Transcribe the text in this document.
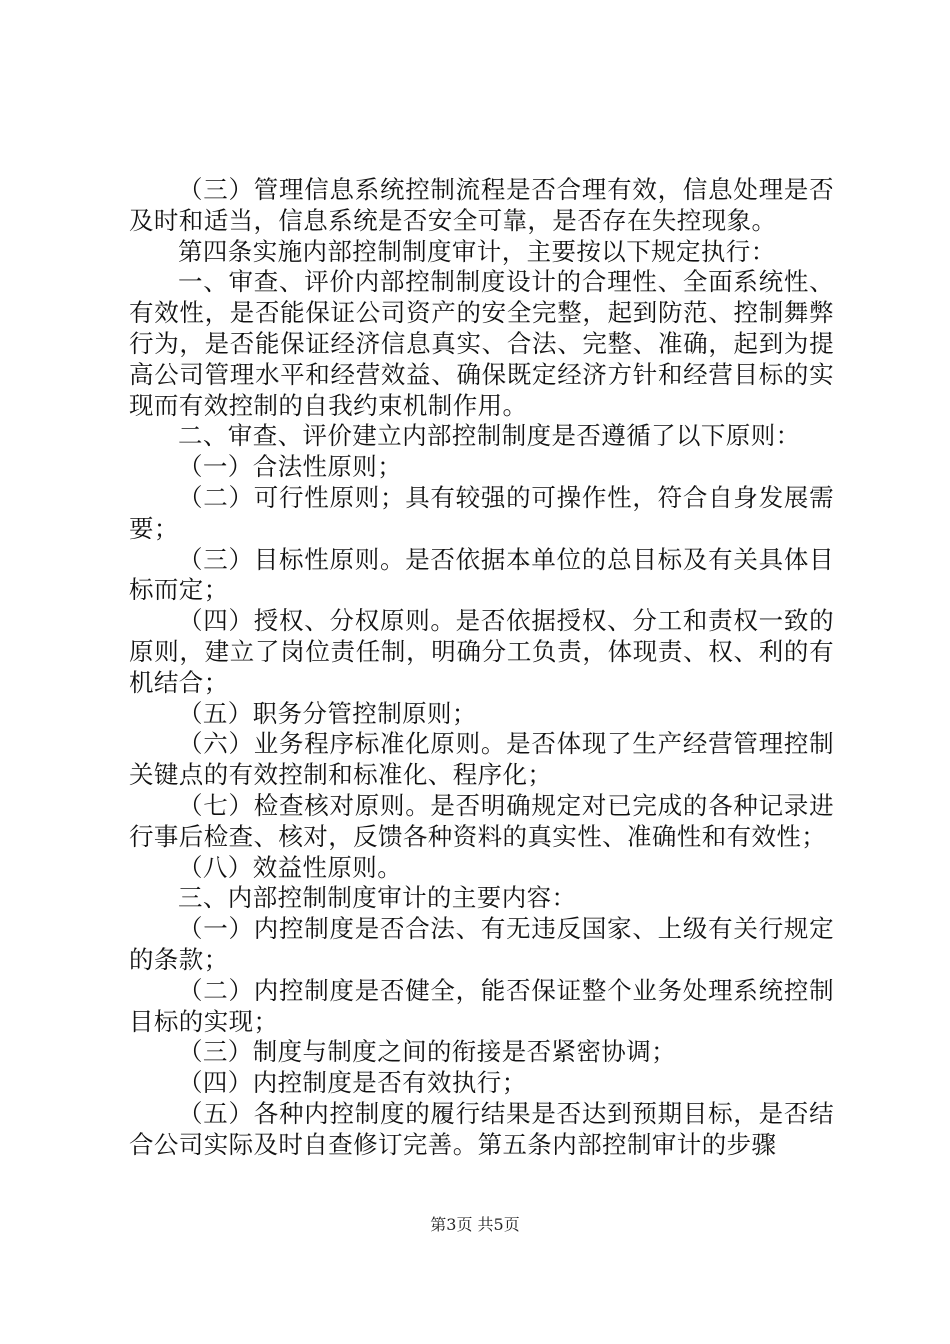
（三）管理信息系统控制流程是否合理有效，信息处理是否及时和适当，信息系统是否安全可靠，是否存在失控现象。

第四条实施内部控制制度审计，主要按以下规定执行：

一、审查、评价内部控制制度设计的合理性、全面系统性、有效性，是否能保证公司资产的安全完整，起到防范、控制舞弊行为，是否能保证经济信息真实、合法、完整、准确，起到为提高公司管理水平和经营效益、确保既定经济方针和经营目标的实现而有效控制的自我约束机制作用。

二、审查、评价建立内部控制制度是否遵循了以下原则：

（一）合法性原则；

（二）可行性原则；具有较强的可操作性，符合自身发展需要；

（三）目标性原则。是否依据本单位的总目标及有关具体目标而定；

（四）授权、分权原则。是否依据授权、分工和责权一致的原则，建立了岗位责任制，明确分工负责，体现责、权、利的有机结合；

（五）职务分管控制原则；

（六）业务程序标准化原则。是否体现了生产经营管理控制关键点的有效控制和标准化、程序化；

（七）检查核对原则。是否明确规定对已完成的各种记录进行事后检查、核对，反馈各种资料的真实性、准确性和有效性；

（八）效益性原则。

三、内部控制制度审计的主要内容：

（一）内控制度是否合法、有无违反国家、上级有关行规定的条款；

（二）内控制度是否健全，能否保证整个业务处理系统控制目标的实现；

（三）制度与制度之间的衔接是否紧密协调；

（四）内控制度是否有效执行；

（五）各种内控制度的履行结果是否达到预期目标，是否结合公司实际及时自查修订完善。第五条内部控制审计的步骤

第3页 共5页
